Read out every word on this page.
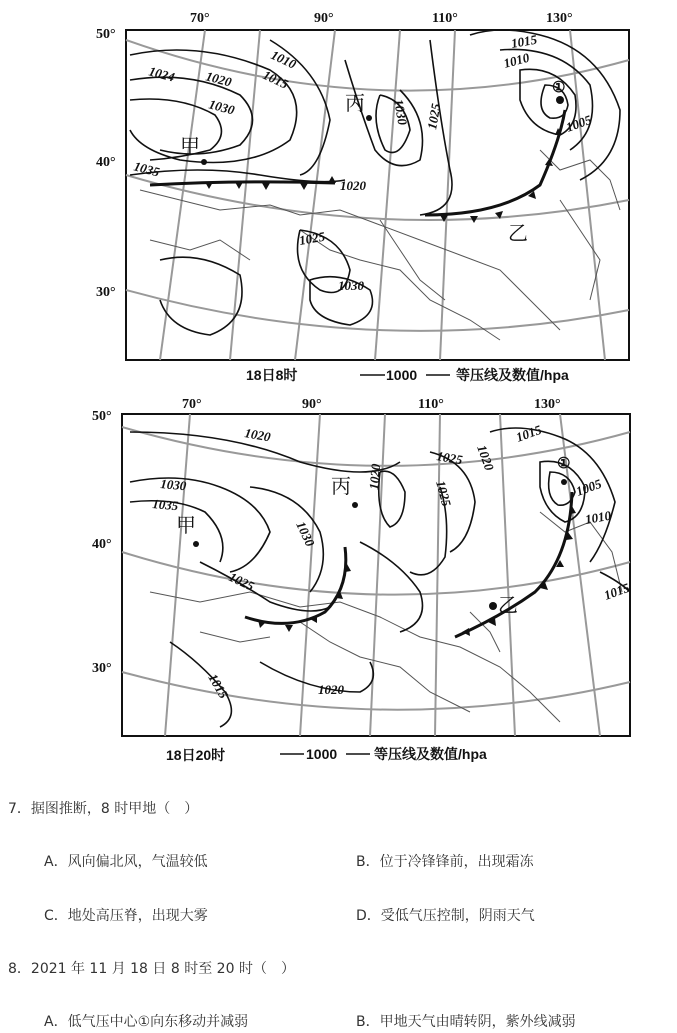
70°	90°	110°	130°
50°
40°
30°
1024 1020
1010
1015
1030
1035
1020
1030 1025
1015
1010
1005
1025
1030
甲
丙
乙
①
18日8时	1000	等压线及数值/hpa
70°	90°	110°	130°
50°
40°
30°
1020
1030
1035
1030
1025
1020
1025
1025
1020
1015
1005
1010
1015
1015	1020
甲
丙
乙
①
18日20时	1000	等压线及数值/hpa
7．据图推断，8 时甲地（　）
A．风向偏北风，气温较低	B．位于冷锋锋前，出现霜冻
C．地处高压脊，出现大雾	D．受低气压控制，阴雨天气
8．2021 年 11 月 18 日 8 时至 20 时（　）
A．低气压中心①向东移动并减弱	B．甲地天气由晴转阴，紫外线减弱
